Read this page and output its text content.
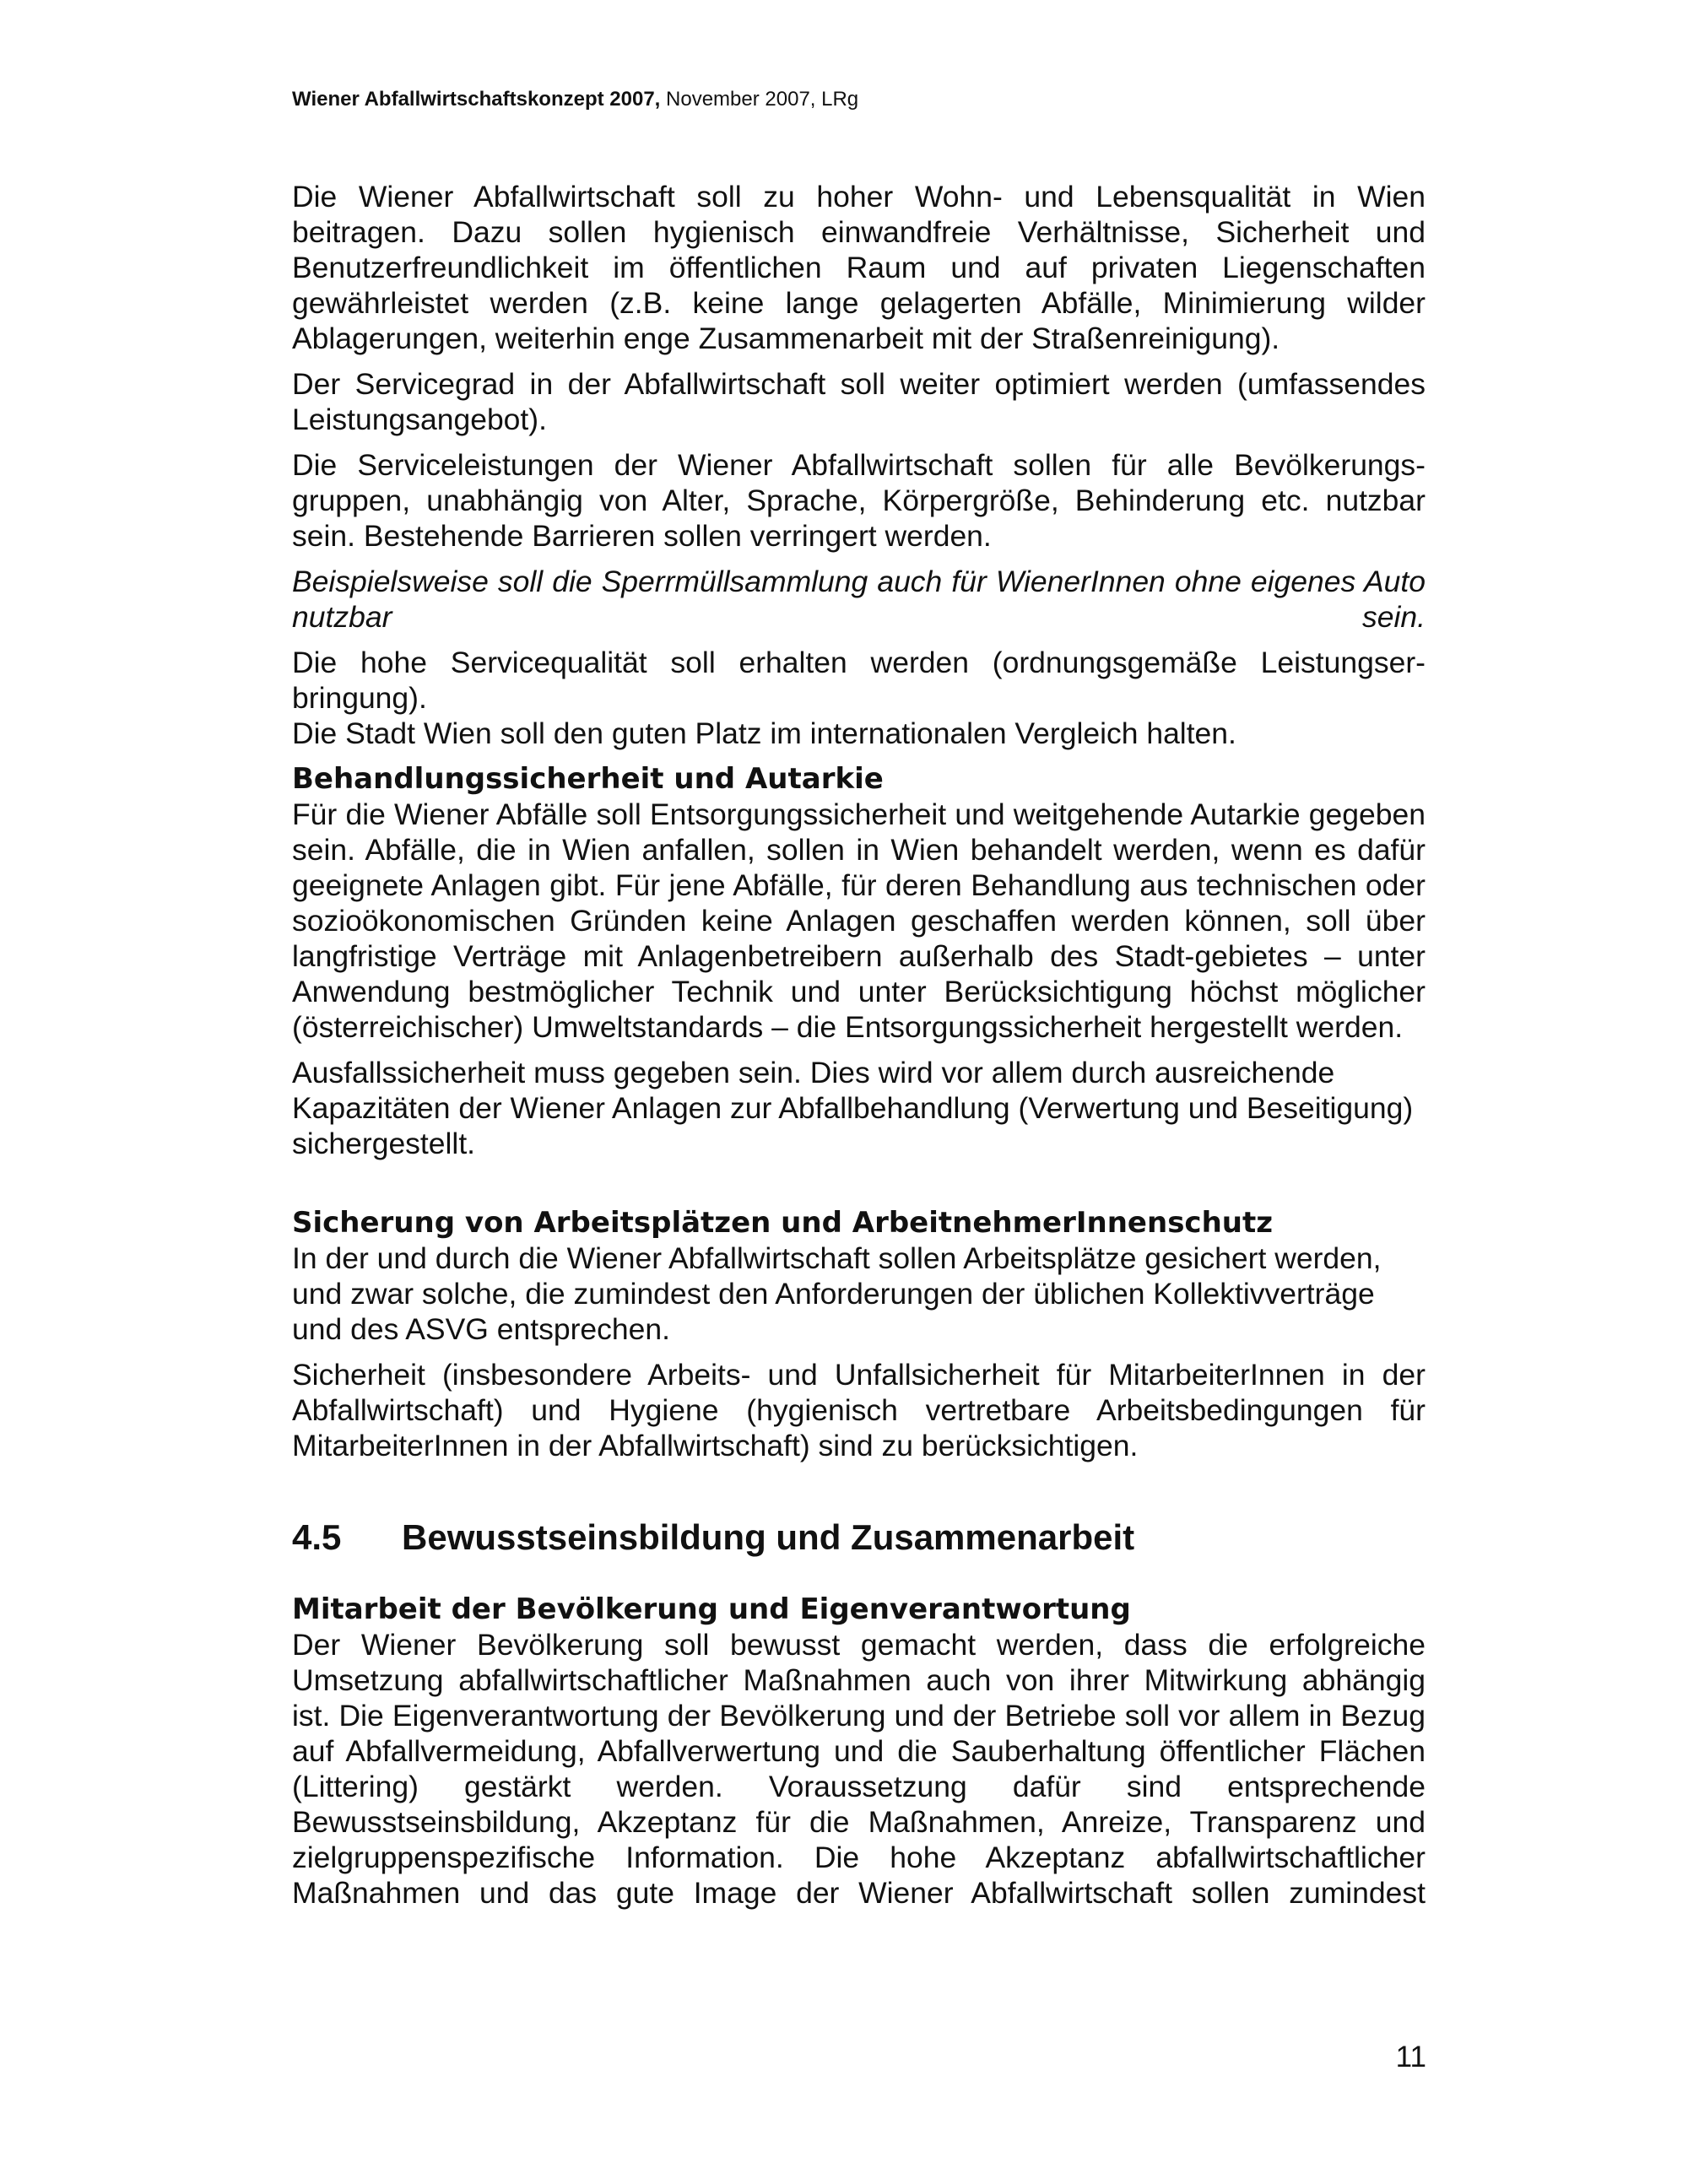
Wiener Abfallwirtschaftskonzept 2007, November 2007, LRg

Die Wiener Abfallwirtschaft soll zu hoher Wohn- und Lebensqualität in Wien beitragen. Dazu sollen hygienisch einwandfreie Verhältnisse, Sicherheit und Benutzerfreundlichkeit im öffentlichen Raum und auf privaten Liegenschaften gewährleistet werden (z.B. keine lange gelagerten Abfälle, Minimierung wilder Ablagerungen, weiterhin enge Zusammenarbeit mit der Straßenreinigung).

Der Servicegrad in der Abfallwirtschaft soll weiter optimiert werden (umfassendes Leistungsangebot).

Die Serviceleistungen der Wiener Abfallwirtschaft sollen für alle Bevölkerungs-gruppen, unabhängig von Alter, Sprache, Körpergröße, Behinderung etc. nutzbar sein. Bestehende Barrieren sollen verringert werden.

Beispielsweise soll die Sperrmüllsammlung auch für WienerInnen ohne eigenes Auto nutzbar sein.

Die hohe Servicequalität soll erhalten werden (ordnungsgemäße Leistungser-bringung).

Die Stadt Wien soll den guten Platz im internationalen Vergleich halten.

Behandlungssicherheit und Autarkie

Für die Wiener Abfälle soll Entsorgungssicherheit und weitgehende Autarkie gegeben sein. Abfälle, die in Wien anfallen, sollen in Wien behandelt werden, wenn es dafür geeignete Anlagen gibt. Für jene Abfälle, für deren Behandlung aus technischen oder sozioökonomischen Gründen keine Anlagen geschaffen werden können, soll über langfristige Verträge mit Anlagenbetreibern außerhalb des Stadt-gebietes – unter Anwendung bestmöglicher Technik und unter Berücksichtigung höchst möglicher (österreichischer) Umweltstandards – die Entsorgungssicherheit hergestellt werden.

Ausfallssicherheit muss gegeben sein. Dies wird vor allem durch ausreichende Kapazitäten der Wiener Anlagen zur Abfallbehandlung (Verwertung und Beseitigung) sichergestellt.

Sicherung von Arbeitsplätzen und ArbeitnehmerInnenschutz

In der und durch die Wiener Abfallwirtschaft sollen Arbeitsplätze gesichert werden, und zwar solche, die zumindest den Anforderungen der üblichen Kollektivverträge und des ASVG entsprechen.

Sicherheit (insbesondere Arbeits- und Unfallsicherheit für MitarbeiterInnen in der Abfallwirtschaft) und Hygiene (hygienisch vertretbare Arbeitsbedingungen für MitarbeiterInnen in der Abfallwirtschaft) sind zu berücksichtigen.

4.5 Bewusstseinsbildung und Zusammenarbeit
Mitarbeit der Bevölkerung und Eigenverantwortung

Der Wiener Bevölkerung soll bewusst gemacht werden, dass die erfolgreiche Umsetzung abfallwirtschaftlicher Maßnahmen auch von ihrer Mitwirkung abhängig ist. Die Eigenverantwortung der Bevölkerung und der Betriebe soll vor allem in Bezug auf Abfallvermeidung, Abfallverwertung und die Sauberhaltung öffentlicher Flächen (Littering) gestärkt werden. Voraussetzung dafür sind entsprechende Bewusstseinsbildung, Akzeptanz für die Maßnahmen, Anreize, Transparenz und zielgruppenspezifische Information. Die hohe Akzeptanz abfallwirtschaftlicher Maßnahmen und das gute Image der Wiener Abfallwirtschaft sollen zumindest

11
